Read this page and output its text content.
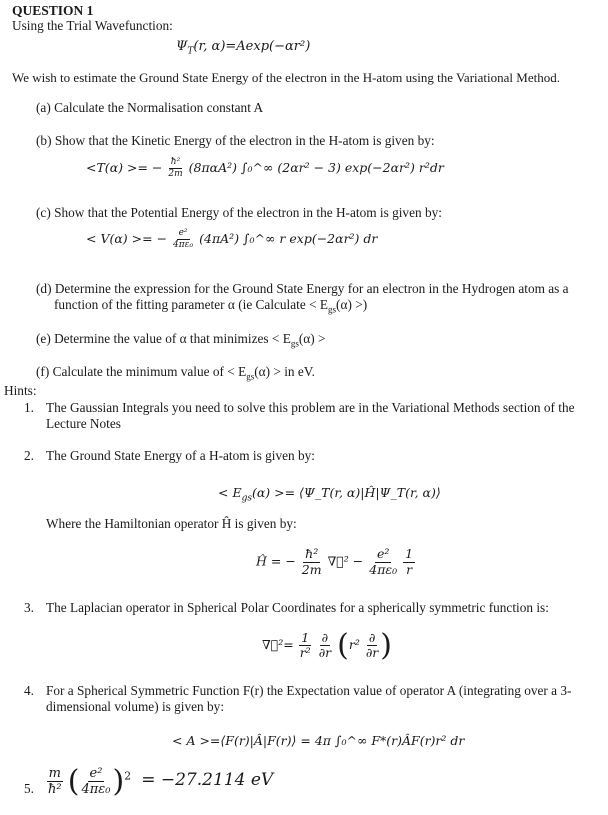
QUESTION 1
Using the Trial Wavefunction:
$\Psi_T(r$, α)=Aexp(−αr²)
We wish to estimate the Ground State Energy of the electron in the H-atom using the Variational Method.
(a) Calculate the Normalisation constant A
(b) Show that the Kinetic Energy of the electron in the H-atom is given by:
<T(α) >= − $\frac{\text{ħ²}}{2m} (8\pi\alpha A^2)$ ∫₀^∞ (2αr² − 3) exp(−2αr²) r²dr
(c) Show that the Potential Energy of the electron in the H-atom is given by:
< V(α) >= − $\frac{\text{e²}}{\text{4πε₀}} (4\pi A^2)$ ∫₀^∞ r exp(−2αr²) dr
(d) Determine the expression for the Ground State Energy for an electron in the Hydrogen atom as a
function of the fitting parameter α (ie Calculate < $E_{gs}(\alpha)$ >)
(e) Determine the value of α that minimizes < $E_{gs}(\alpha)$ >
(f) Calculate the minimum value of < $E_{gs}(\alpha)$ > in eV.
Hints:
1. The Gaussian Integrals you need to solve this problem are in the Variational Methods section of the Lecture Notes
2. The Ground State Energy of a H-atom is given by:
< $E_{gs}(\alpha)$ >= ⟨Ψ_T(r, α)|Ĥ|Ψ_T(r, α)⟩
Where the Hamiltonian operator Ĥ is given by:
Ĥ = − $\frac{\text{ħ²}}{2m}$ ∇⃗² − $\frac{\text{e²}}{\text{4πε₀}}$
$\frac{1}{r}$
3. The Laplacian operator in Spherical Polar Coordinates for a spherically symmetric function is:
∇⃗²= $\frac{1}{\text{r²}}$
$\frac{\partial}{\partial r} (r^2 \frac{\partial}{\partial r}$ )
4. For a Spherical Symmetric Function F(r) the Expectation value of operator A (integrating over a 3-dimensional volume) is given by:
< A >=⟨F(r)|Â|F(r)⟩ = 4π ∫₀^∞ F*(r)ÂF(r)r² dr
5. $\frac{m}{\text{ħ²}}$ ( $\frac{\text{e²}}{\text{4πε₀}} )^2 = -27.2114$ eV
